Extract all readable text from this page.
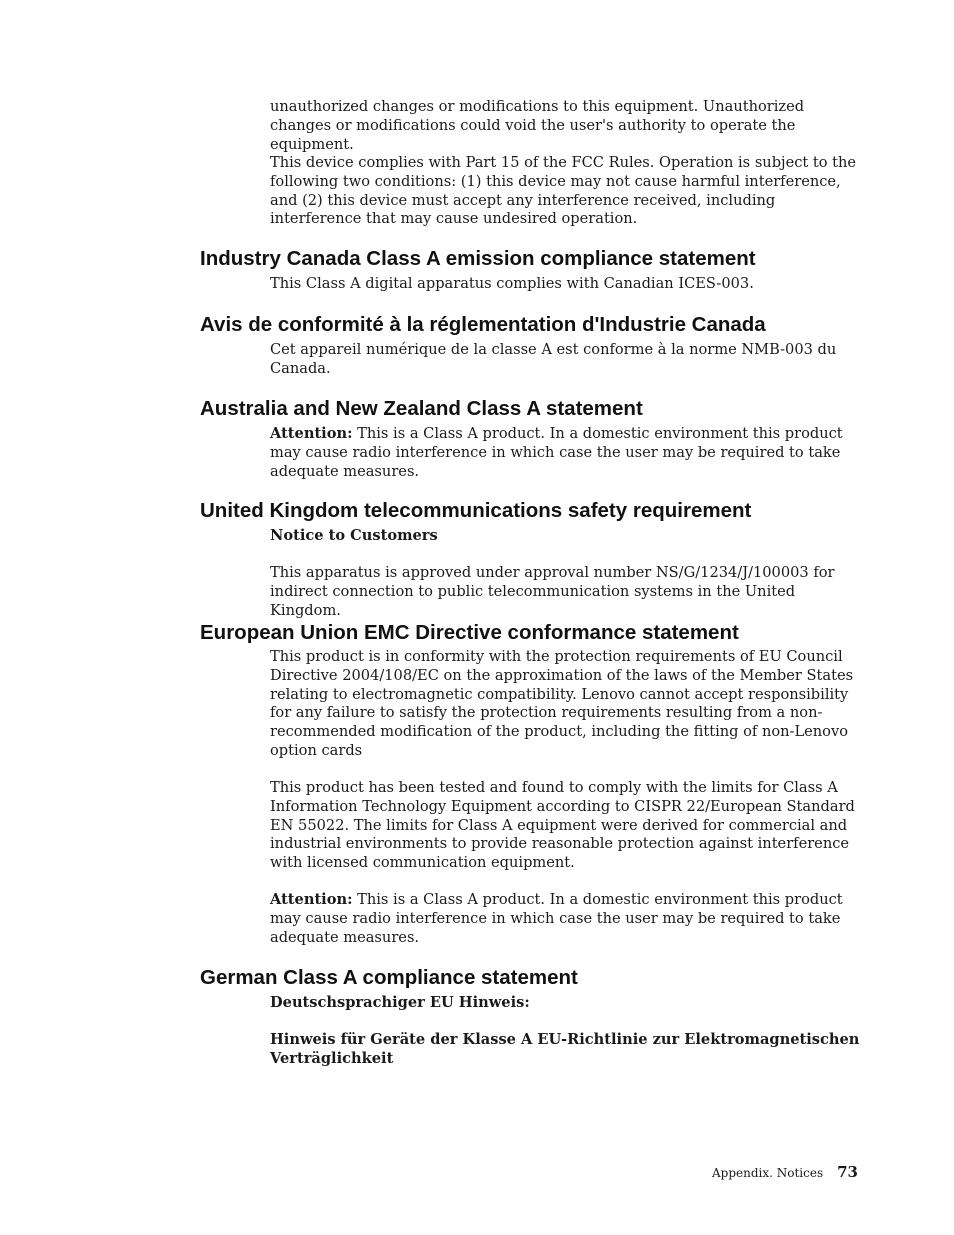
unauthorized changes or modifications to this equipment. Unauthorized changes or modifications could void the user's authority to operate the equipment.

This device complies with Part 15 of the FCC Rules. Operation is subject to the following two conditions: (1) this device may not cause harmful interference, and (2) this device must accept any interference received, including interference that may cause undesired operation.

Industry Canada Class A emission compliance statement

This Class A digital apparatus complies with Canadian ICES-003.

Avis de conformité à la réglementation d'Industrie Canada

Cet appareil numérique de la classe A est conforme à la norme NMB-003 du Canada.

Australia and New Zealand Class A statement

Attention: This is a Class A product. In a domestic environment this product may cause radio interference in which case the user may be required to take adequate measures.

United Kingdom telecommunications safety requirement

Notice to Customers

This apparatus is approved under approval number NS/G/1234/J/100003 for indirect connection to public telecommunication systems in the United Kingdom.

European Union EMC Directive conformance statement

This product is in conformity with the protection requirements of EU Council Directive 2004/108/EC on the approximation of the laws of the Member States relating to electromagnetic compatibility. Lenovo cannot accept responsibility for any failure to satisfy the protection requirements resulting from a non-recommended modification of the product, including the fitting of non-Lenovo option cards

This product has been tested and found to comply with the limits for Class A Information Technology Equipment according to CISPR 22/European Standard EN 55022. The limits for Class A equipment were derived for commercial and industrial environments to provide reasonable protection against interference with licensed communication equipment.

Attention: This is a Class A product. In a domestic environment this product may cause radio interference in which case the user may be required to take adequate measures.

German Class A compliance statement

Deutschsprachiger EU Hinweis:

Hinweis für Geräte der Klasse A EU-Richtlinie zur Elektromagnetischen Verträglichkeit

Appendix. Notices 73
